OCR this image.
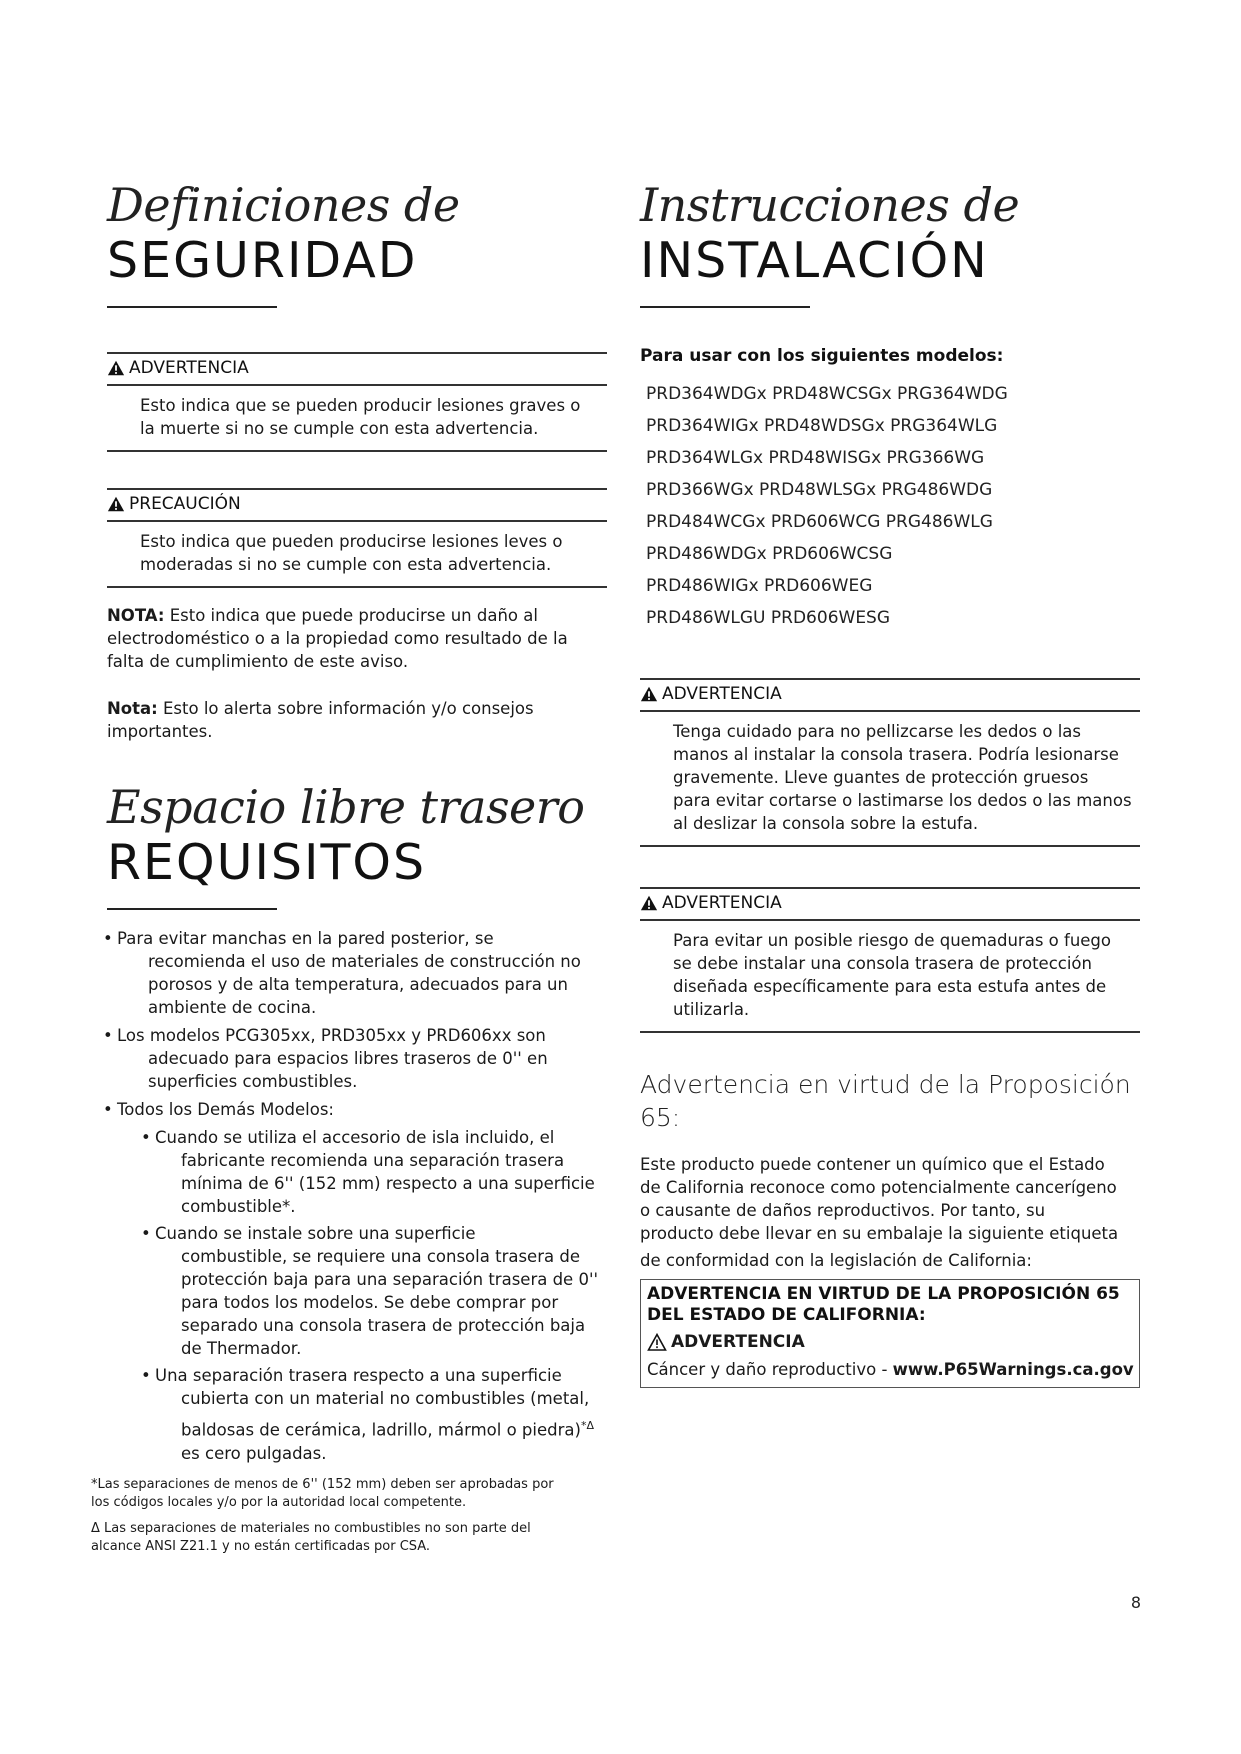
Definiciones de
SEGURIDAD
ADVERTENCIA
Esto indica que se pueden producir lesiones graves o
la muerte si no se cumple con esta advertencia.
PRECAUCIÓN
Esto indica que pueden producirse lesiones leves o
moderadas si no se cumple con esta advertencia.
NOTA: Esto indica que puede producirse un daño al
electrodoméstico o a la propiedad como resultado de la
falta de cumplimiento de este aviso.
Nota: Esto lo alerta sobre información y/o consejos
importantes.
Espacio libre trasero
REQUISITOS
• Para evitar manchas en la pared posterior, se
recomienda el uso de materiales de construcción no
porosos y de alta temperatura, adecuados para un
ambiente de cocina.
• Los modelos PCG305xx, PRD305xx y PRD606xx son
adecuado para espacios libres traseros de 0'' en
superficies combustibles.
• Todos los Demás Modelos:
• Cuando se utiliza el accesorio de isla incluido, el
fabricante recomienda una separación trasera
mínima de 6'' (152 mm) respecto a una superficie
combustible*.
• Cuando se instale sobre una superficie
combustible, se requiere una consola trasera de
protección baja para una separación trasera de 0''
para todos los modelos. Se debe comprar por
separado una consola trasera de protección baja
de Thermador.
• Una separación trasera respecto a una superficie
cubierta con un material no combustibles (metal,
baldosas de cerámica, ladrillo, mármol o piedra)$^{*\Delta}$
es cero pulgadas.
*Las separaciones de menos de 6'' (152 mm) deben ser aprobadas por
los códigos locales y/o por la autoridad local competente.
Δ Las separaciones de materiales no combustibles no son parte del
alcance ANSI Z21.1 y no están certificadas por CSA.
Instrucciones de
INSTALACIÓN
Para usar con los siguientes modelos:
PRD364WDGx PRD48WCSGx PRG364WDG
PRD364WIGx PRD48WDSGx PRG364WLG
PRD364WLGx PRD48WISGx PRG366WG
PRD366WGx PRD48WLSGx PRG486WDG
PRD484WCGx PRD606WCG PRG486WLG
PRD486WDGx PRD606WCSG
PRD486WIGx PRD606WEG
PRD486WLGU PRD606WESG
ADVERTENCIA
Tenga cuidado para no pellizcarse les dedos o las
manos al instalar la consola trasera. Podría lesionarse
gravemente. Lleve guantes de protección gruesos
para evitar cortarse o lastimarse los dedos o las manos
al deslizar la consola sobre la estufa.
ADVERTENCIA
Para evitar un posible riesgo de quemaduras o fuego
se debe instalar una consola trasera de protección
diseñada específicamente para esta estufa antes de
utilizarla.
Advertencia en virtud de la Proposición
65:
Este producto puede contener un químico que el Estado
de California reconoce como potencialmente cancerígeno
o causante de daños reproductivos. Por tanto, su
producto debe llevar en su embalaje la siguiente etiqueta
de conformidad con la legislación de California:
ADVERTENCIA EN VIRTUD DE LA PROPOSICIÓN 65
DEL ESTADO DE CALIFORNIA:
ADVERTENCIA
Cáncer y daño reproductivo - www.P65Warnings.ca.gov
8
